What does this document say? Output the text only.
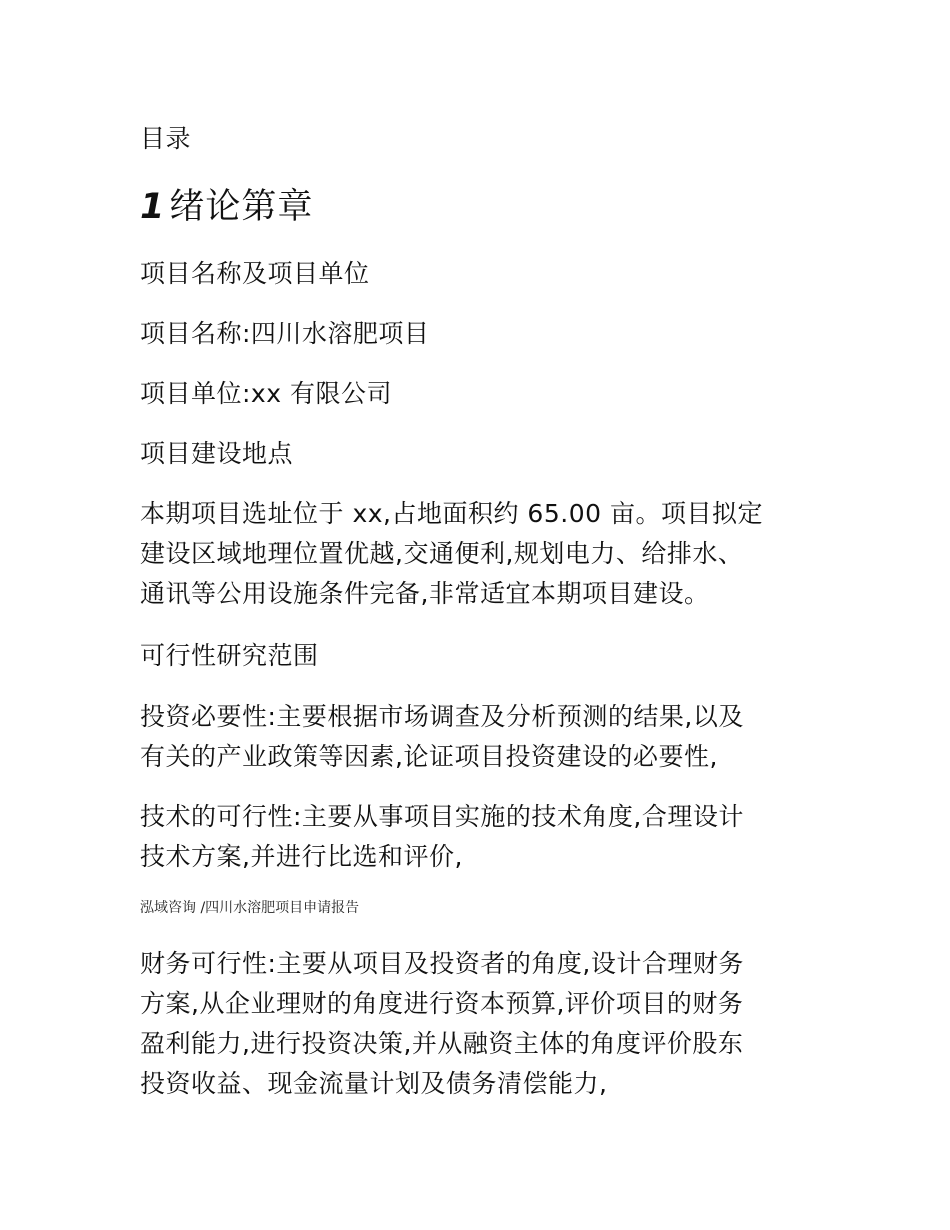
目录
1 绪论第章
项目名称及项目单位
项目名称:四川水溶肥项目
项目单位:xx 有限公司
项目建设地点
本期项目选址位于 xx,占地面积约 65.00 亩。项目拟定
建设区域地理位置优越,交通便利,规划电力、给排水、
通讯等公用设施条件完备,非常适宜本期项目建设。
可行性研究范围
投资必要性:主要根据市场调查及分析预测的结果,以及
有关的产业政策等因素,论证项目投资建设的必要性,
技术的可行性:主要从事项目实施的技术角度,合理设计
技术方案,并进行比选和评价,
泓域咨询 /四川水溶肥项目申请报告
财务可行性:主要从项目及投资者的角度,设计合理财务
方案,从企业理财的角度进行资本预算,评价项目的财务
盈利能力,进行投资决策,并从融资主体的角度评价股东
投资收益、现金流量计划及债务清偿能力,
